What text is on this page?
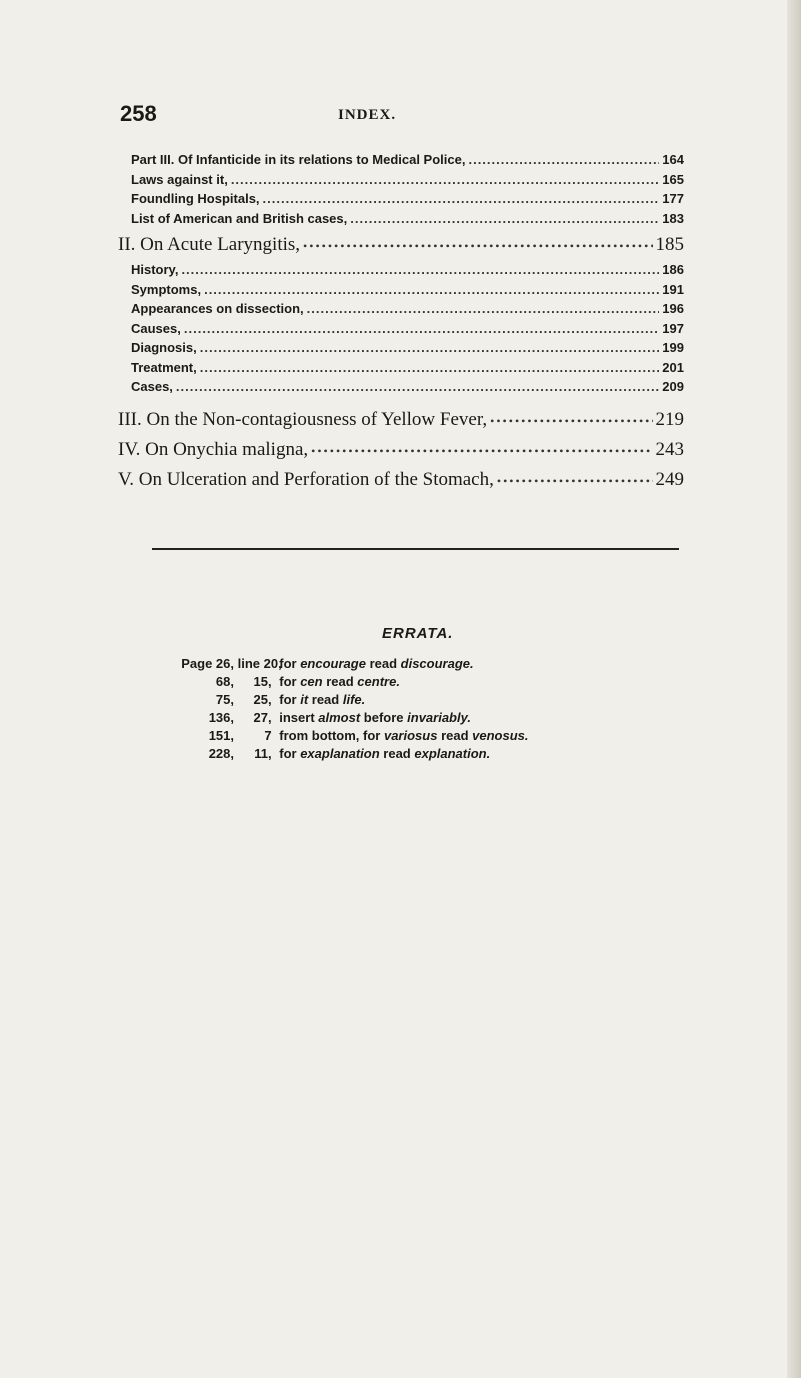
258	INDEX.
Part III. Of Infanticide in its relations to Medical Police, .....	164
Laws against it, .....	165
Foundling Hospitals, .....	177
List of American and British cases, .....	183
II. On Acute Laryngitis, •••••	185
History, .....	186
Symptoms, .....	191
Appearances on dissection, .....	196
Causes, .....	197
Diagnosis, .....	199
Treatment, .....	201
Cases, .....	209
III. On the Non-contagiousness of Yellow Fever, •••••	219
IV. On Onychia maligna, •••••	243
V. On Ulceration and Perforation of the Stomach, •••••	249
ERRATA.
Page 26, line 20, for encourage read discourage.
68, 15, for cen read centre.
75, 25, for it read life.
136, 27, insert almost before invariably.
151, 7 from bottom, for variosus read venosus.
228, 11, for exaplanation read explanation.
